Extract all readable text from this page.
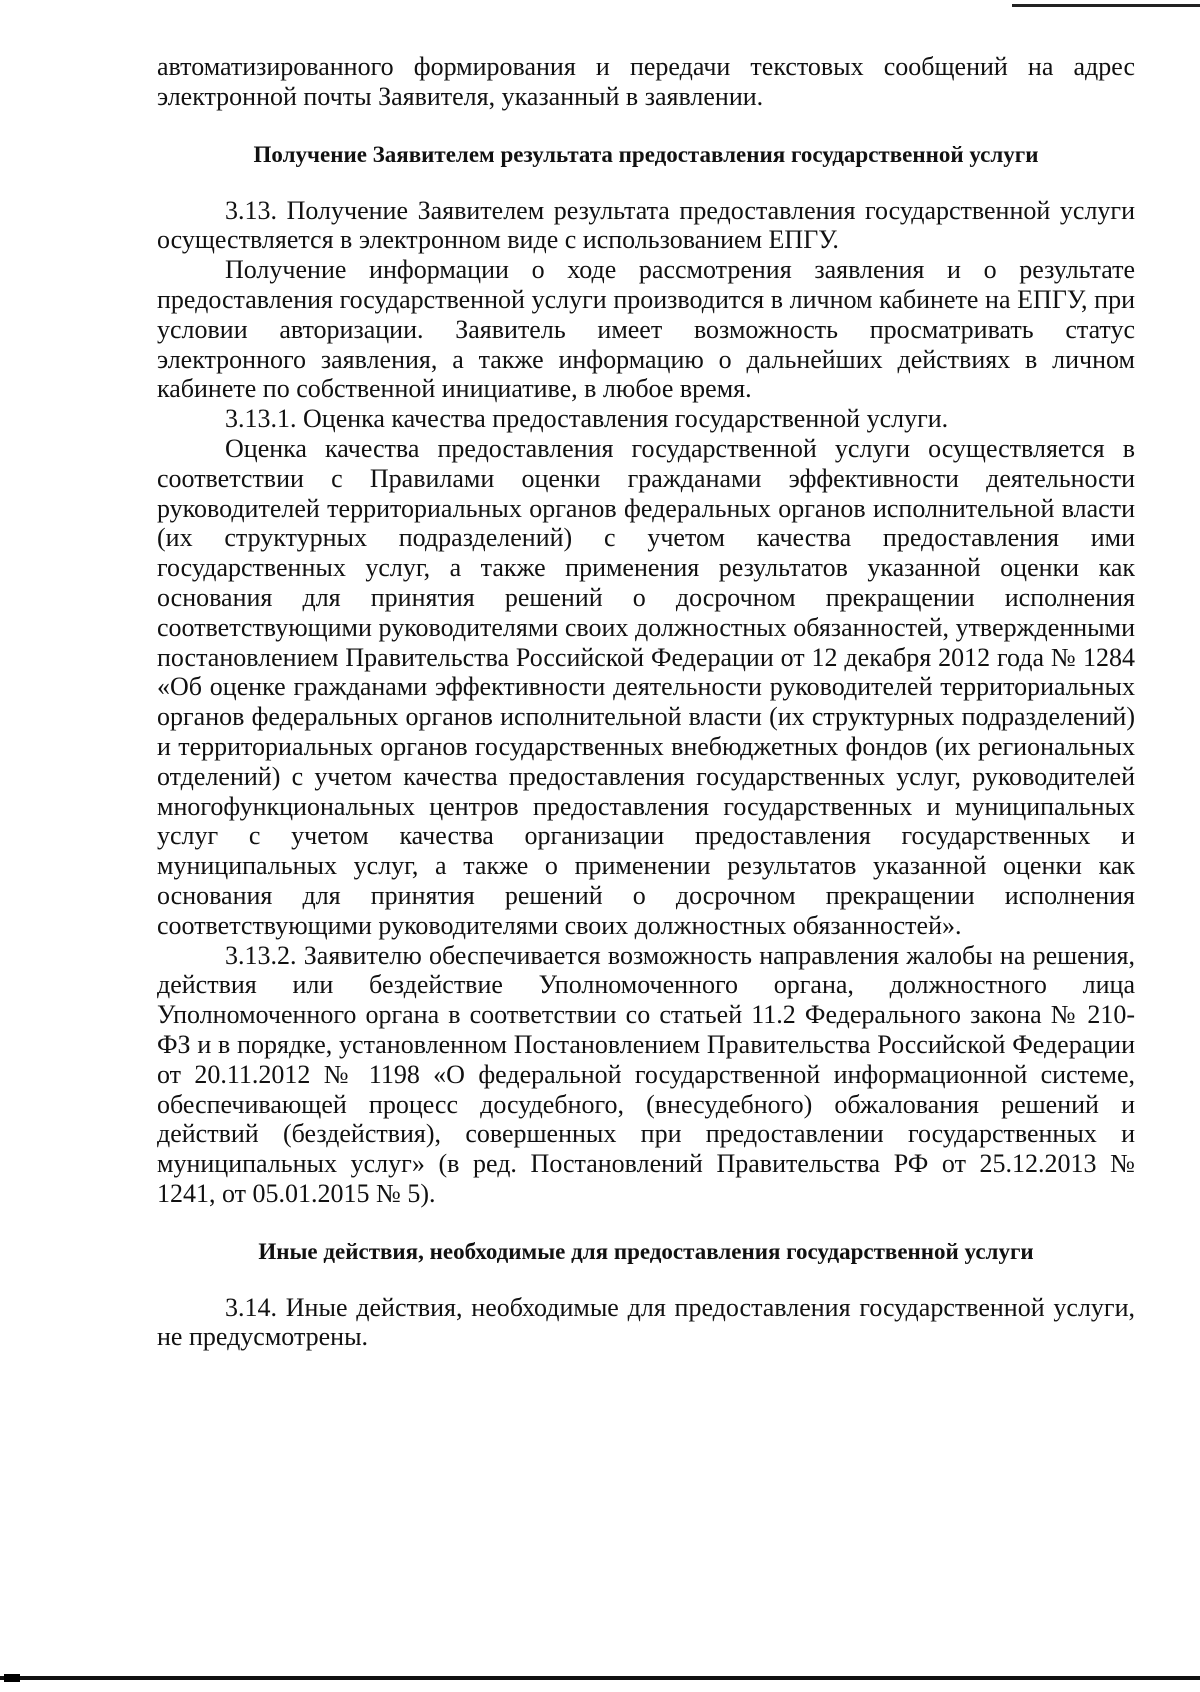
автоматизированного формирования и передачи текстовых сообщений на адрес электронной почты Заявителя, указанный в заявлении.

Получение Заявителем результата предоставления государственной услуги

3.13. Получение Заявителем результата предоставления государственной услуги осуществляется в электронном виде с использованием ЕПГУ.

Получение информации о ходе рассмотрения заявления и о результате предоставления государственной услуги производится в личном кабинете на ЕПГУ, при условии авторизации. Заявитель имеет возможность просматривать статус электронного заявления, а также информацию о дальнейших действиях в личном кабинете по собственной инициативе, в любое время.

3.13.1. Оценка качества предоставления государственной услуги.

Оценка качества предоставления государственной услуги осуществляется в соответствии с Правилами оценки гражданами эффективности деятельности руководителей территориальных органов федеральных органов исполнительной власти (их структурных подразделений) с учетом качества предоставления ими государственных услуг, а также применения результатов указанной оценки как основания для принятия решений о досрочном прекращении исполнения соответствующими руководителями своих должностных обязанностей, утвержденными постановлением Правительства Российской Федерации от 12 декабря 2012 года № 1284 «Об оценке гражданами эффективности деятельности руководителей территориальных органов федеральных органов исполнительной власти (их структурных подразделений) и территориальных органов государственных внебюджетных фондов (их региональных отделений) с учетом качества предоставления государственных услуг, руководителей многофункциональных центров предоставления государственных и муниципальных услуг с учетом качества организации предоставления государственных и муниципальных услуг, а также о применении результатов указанной оценки как основания для принятия решений о досрочном прекращении исполнения соответствующими руководителями своих должностных обязанностей».

3.13.2. Заявителю обеспечивается возможность направления жалобы на решения, действия или бездействие Уполномоченного органа, должностного лица Уполномоченного органа в соответствии со статьей 11.2 Федерального закона № 210-ФЗ и в порядке, установленном Постановлением Правительства Российской Федерации от 20.11.2012 № 1198 «О федеральной государственной информационной системе, обеспечивающей процесс досудебного, (внесудебного) обжалования решений и действий (бездействия), совершенных при предоставлении государственных и муниципальных услуг» (в ред. Постановлений Правительства РФ от 25.12.2013 № 1241, от 05.01.2015 № 5).

Иные действия, необходимые для предоставления государственной услуги

3.14. Иные действия, необходимые для предоставления государственной услуги, не предусмотрены.
